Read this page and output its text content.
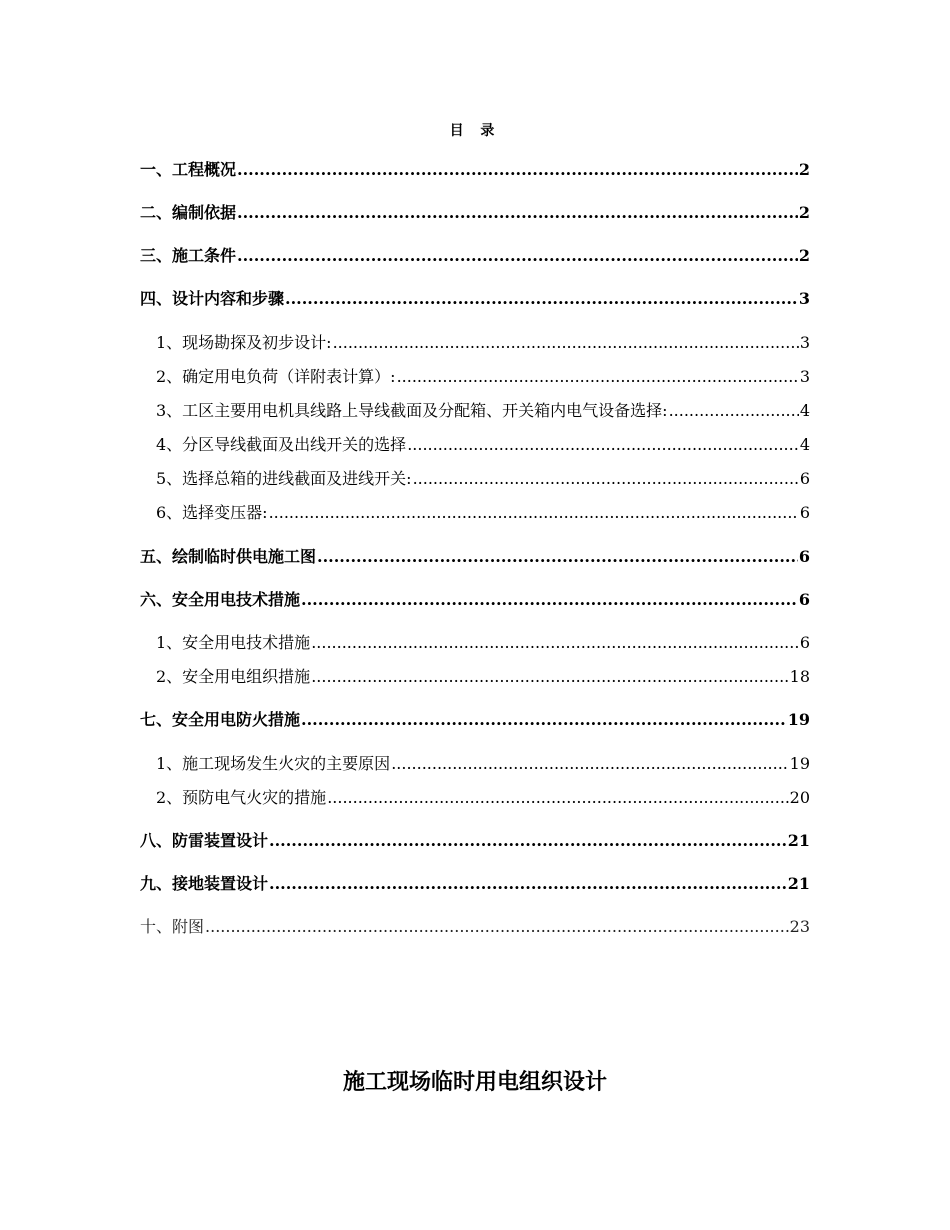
目 录
一、工程概况 .....	2
二、编制依据 .....	2
三、施工条件 .....	2
四、设计内容和步骤 .....	3
1、现场勘探及初步设计: .....	3
2、确定用电负荷（详附表计算）: .....	3
3、工区主要用电机具线路上导线截面及分配箱、开关箱内电气设备选择: .....	4
4、分区导线截面及出线开关的选择 .....	4
5、选择总箱的进线截面及进线开关: .....	6
6、选择变压器: .....	6
五、绘制临时供电施工图 .....	6
六、安全用电技术措施 .....	6
1、安全用电技术措施 .....	6
2、安全用电组织措施 .....	18
七、安全用电防火措施 .....	19
1、施工现场发生火灾的主要原因 .....	19
2、预防电气火灾的措施 .....	20
八、防雷装置设计 .....	21
九、接地装置设计 .....	21
十、附图 .....	23
施工现场临时用电组织设计
